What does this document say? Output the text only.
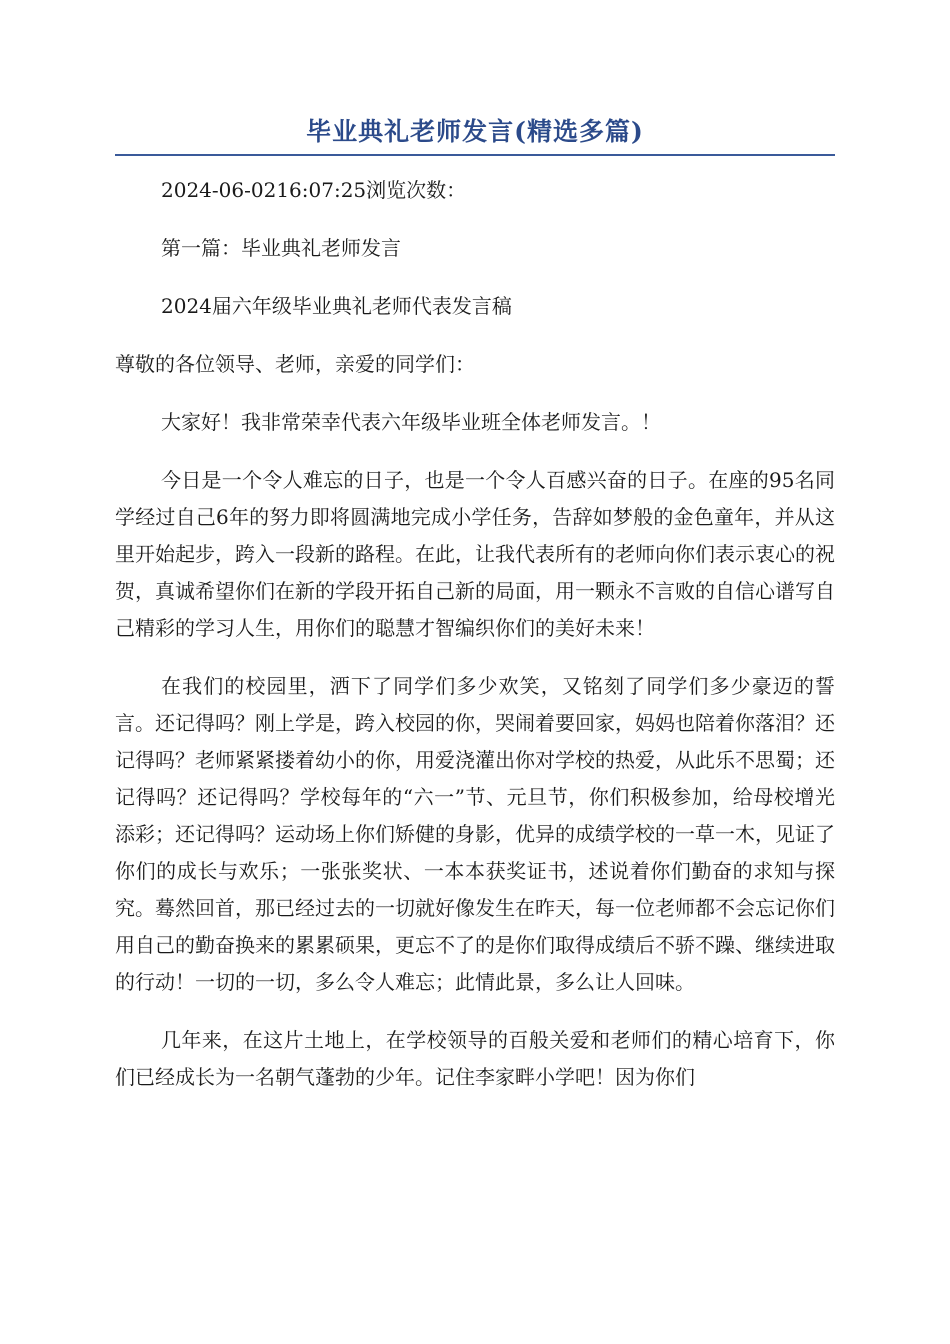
毕业典礼老师发言(精选多篇)

2024-06-0216:07:25浏览次数：

第一篇：毕业典礼老师发言

2024届六年级毕业典礼老师代表发言稿

尊敬的各位领导、老师，亲爱的同学们：

大家好！我非常荣幸代表六年级毕业班全体老师发言。！

今日是一个令人难忘的日子，也是一个令人百感兴奋的日子。在座的95名同学经过自己6年的努力即将圆满地完成小学任务，告辞如梦般的金色童年，并从这里开始起步，跨入一段新的路程。在此，让我代表所有的老师向你们表示衷心的祝贺，真诚希望你们在新的学段开拓自己新的局面，用一颗永不言败的自信心谱写自己精彩的学习人生，用你们的聪慧才智编织你们的美好未来！

在我们的校园里，洒下了同学们多少欢笑，又铭刻了同学们多少豪迈的誓言。还记得吗？刚上学是，跨入校园的你，哭闹着要回家，妈妈也陪着你落泪？还记得吗？老师紧紧搂着幼小的你，用爱浇灌出你对学校的热爱，从此乐不思蜀；还记得吗？还记得吗？学校每年的“六一”节、元旦节，你们积极参加，给母校增光添彩；还记得吗？运动场上你们矫健的身影，优异的成绩学校的一草一木，见证了你们的成长与欢乐；一张张奖状、一本本获奖证书，述说着你们勤奋的求知与探究。蓦然回首，那已经过去的一切就好像发生在昨天，每一位老师都不会忘记你们用自己的勤奋换来的累累硕果，更忘不了的是你们取得成绩后不骄不躁、继续进取的行动！一切的一切，多么令人难忘；此情此景，多么让人回味。

几年来，在这片土地上，在学校领导的百般关爱和老师们的精心培育下，你们已经成长为一名朝气蓬勃的少年。记住李家畔小学吧！因为你们
